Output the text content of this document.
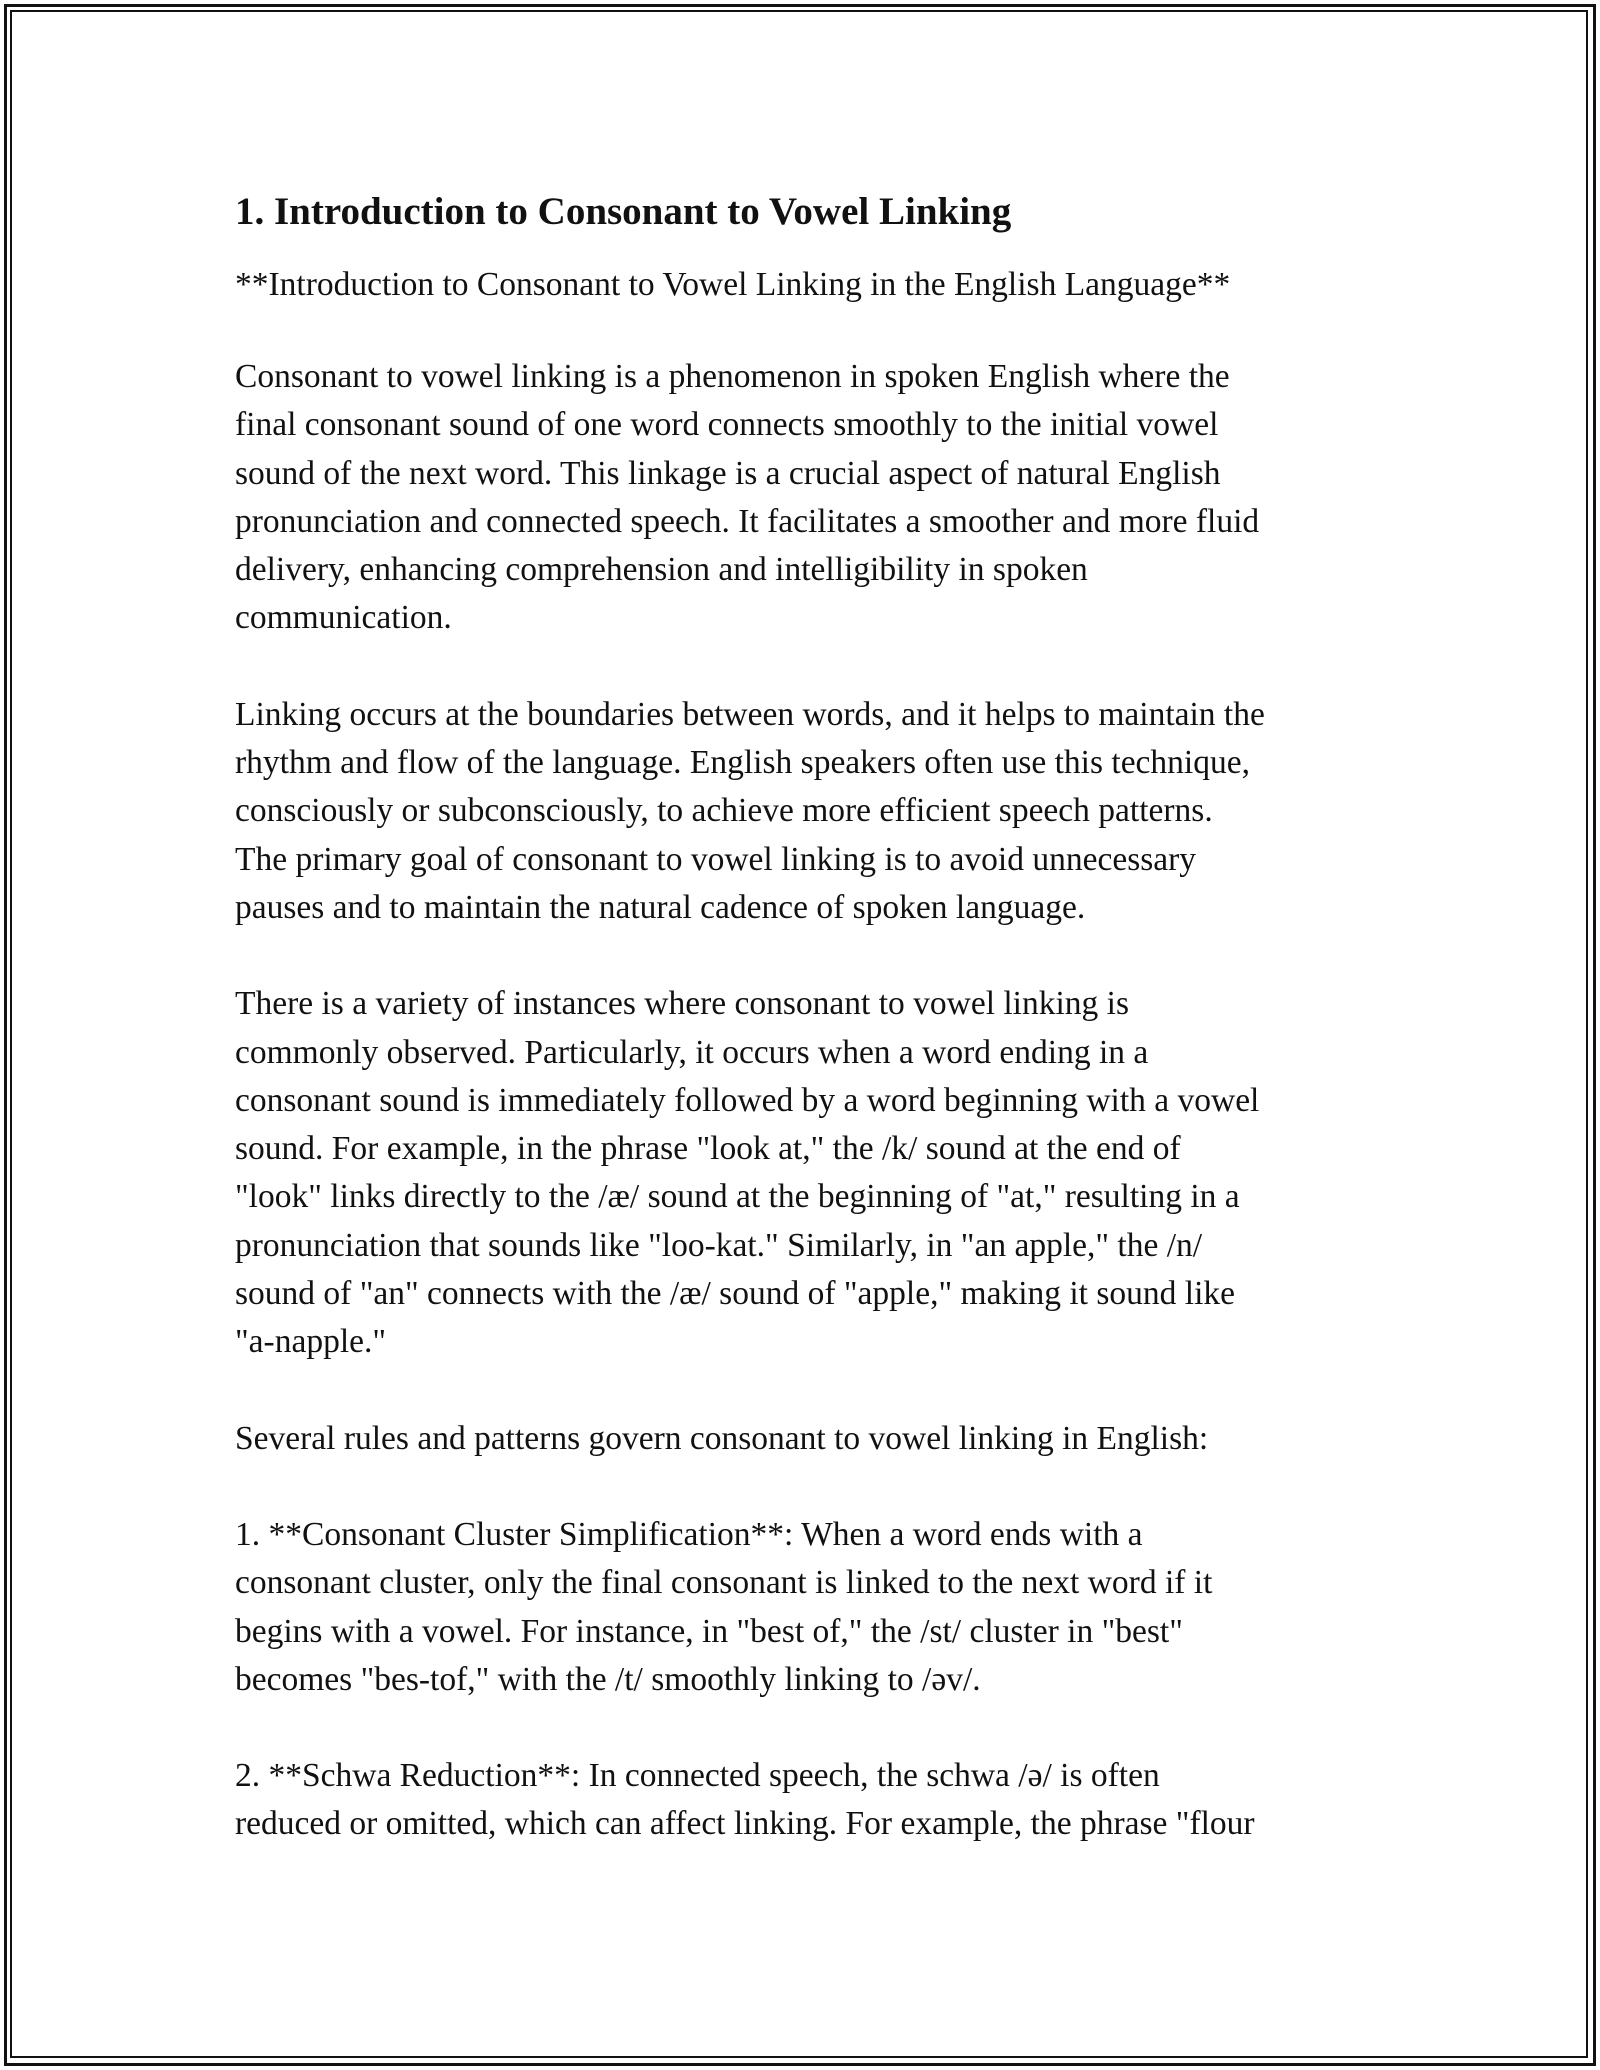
1. Introduction to Consonant to Vowel Linking

**Introduction to Consonant to Vowel Linking in the English Language**

Consonant to vowel linking is a phenomenon in spoken English where the
final consonant sound of one word connects smoothly to the initial vowel
sound of the next word. This linkage is a crucial aspect of natural English
pronunciation and connected speech. It facilitates a smoother and more fluid
delivery, enhancing comprehension and intelligibility in spoken
communication.

Linking occurs at the boundaries between words, and it helps to maintain the
rhythm and flow of the language. English speakers often use this technique,
consciously or subconsciously, to achieve more efficient speech patterns.
The primary goal of consonant to vowel linking is to avoid unnecessary
pauses and to maintain the natural cadence of spoken language.

There is a variety of instances where consonant to vowel linking is
commonly observed. Particularly, it occurs when a word ending in a
consonant sound is immediately followed by a word beginning with a vowel
sound. For example, in the phrase "look at," the /k/ sound at the end of
"look" links directly to the /æ/ sound at the beginning of "at," resulting in a
pronunciation that sounds like "loo-kat." Similarly, in "an apple," the /n/
sound of "an" connects with the /æ/ sound of "apple," making it sound like
"a-napple."

Several rules and patterns govern consonant to vowel linking in English:

1. **Consonant Cluster Simplification**: When a word ends with a
consonant cluster, only the final consonant is linked to the next word if it
begins with a vowel. For instance, in "best of," the /st/ cluster in "best"
becomes "bes-tof," with the /t/ smoothly linking to /əv/.

2. **Schwa Reduction**: In connected speech, the schwa /ə/ is often
reduced or omitted, which can affect linking. For example, the phrase "flour
